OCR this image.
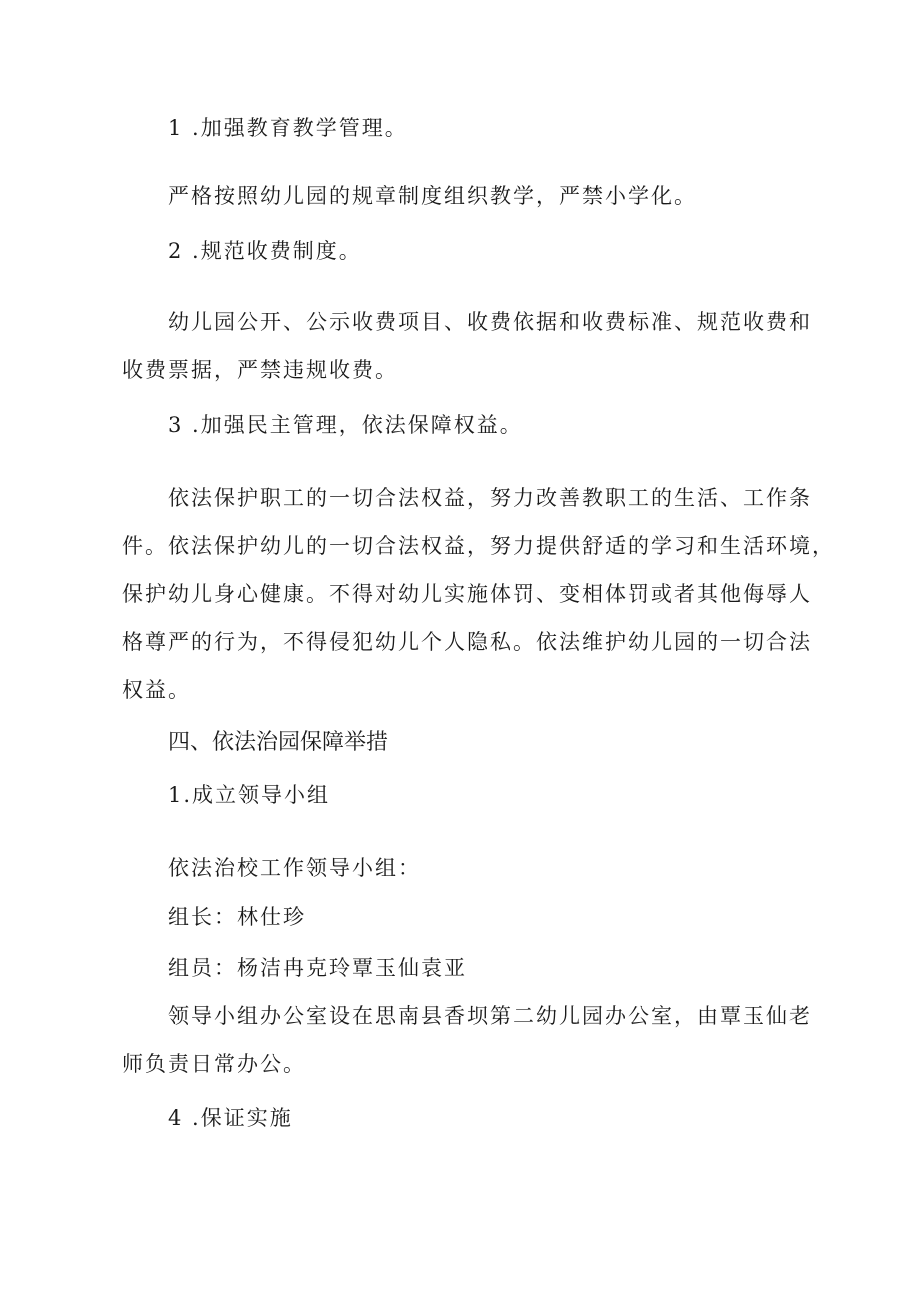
1 .加强教育教学管理。

严格按照幼儿园的规章制度组织教学，严禁小学化。

2 .规范收费制度。

幼儿园公开、公示收费项目、收费依据和收费标准、规范收费和

收费票据，严禁违规收费。

3 .加强民主管理，依法保障权益。

依法保护职工的一切合法权益，努力改善教职工的生活、工作条

件。依法保护幼儿的一切合法权益，努力提供舒适的学习和生活环境，

保护幼儿身心健康。不得对幼儿实施体罚、变相体罚或者其他侮辱人

格尊严的行为，不得侵犯幼儿个人隐私。依法维护幼儿园的一切合法

权益。

四、依法治园保障举措

1.成立领导小组

依法治校工作领导小组：

组长：林仕珍

组员：杨洁冉克玲覃玉仙袁亚

领导小组办公室设在思南县香坝第二幼儿园办公室，由覃玉仙老

师负责日常办公。

4 .保证实施
